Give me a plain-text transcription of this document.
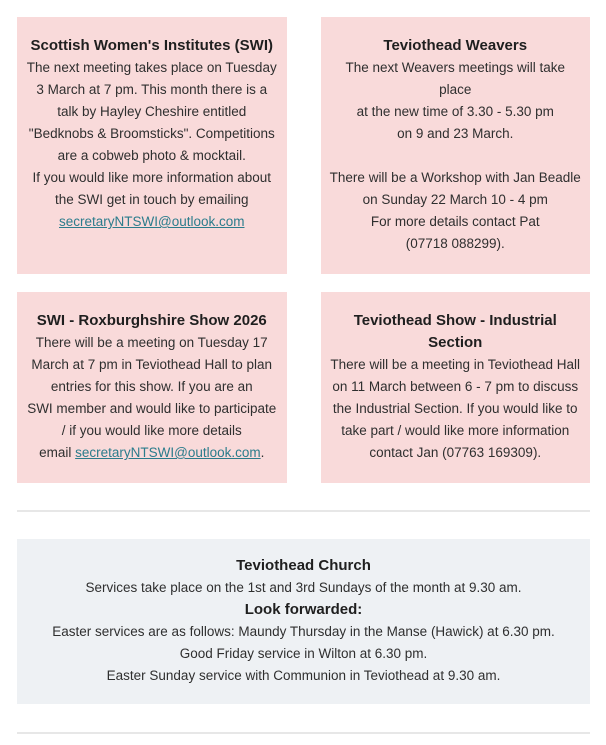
Scottish Women's Institutes (SWI)
The next meeting takes place on Tuesday
3 March at 7 pm. This month there is a
talk by Hayley Cheshire entitled
"Bedknobs & Broomsticks". Competitions
are a cobweb photo & mocktail.
If you would like more information about
the SWI get in touch by emailing
secretaryNTSWI@outlook.com
Teviothead Weavers
The next Weavers meetings will take place
at the new time of 3.30 - 5.30 pm
on 9 and 23 March.

There will be a Workshop with Jan Beadle
on Sunday 22 March 10 - 4 pm
For more details contact Pat
(07718 088299).
SWI - Roxburghshire Show 2026
There will be a meeting on Tuesday 17
March at 7 pm in Teviothead Hall to plan
entries for this show. If you are an
SWI member and would like to participate
/ if you would like more details
email secretaryNTSWI@outlook.com.
Teviothead Show - Industrial Section
There will be a meeting in Teviothead Hall
on 11 March between 6 - 7 pm to discuss
the Industrial Section. If you would like to
take part / would like more information
contact Jan (07763 169309).
Teviothead Church
Services take place on the 1st and 3rd Sundays of the month at 9.30 am.
Look forwarded:
Easter services are as follows: Maundy Thursday in the Manse (Hawick) at 6.30 pm.
Good Friday service in Wilton at 6.30 pm.
Easter Sunday service with Communion in Teviothead at 9.30 am.
